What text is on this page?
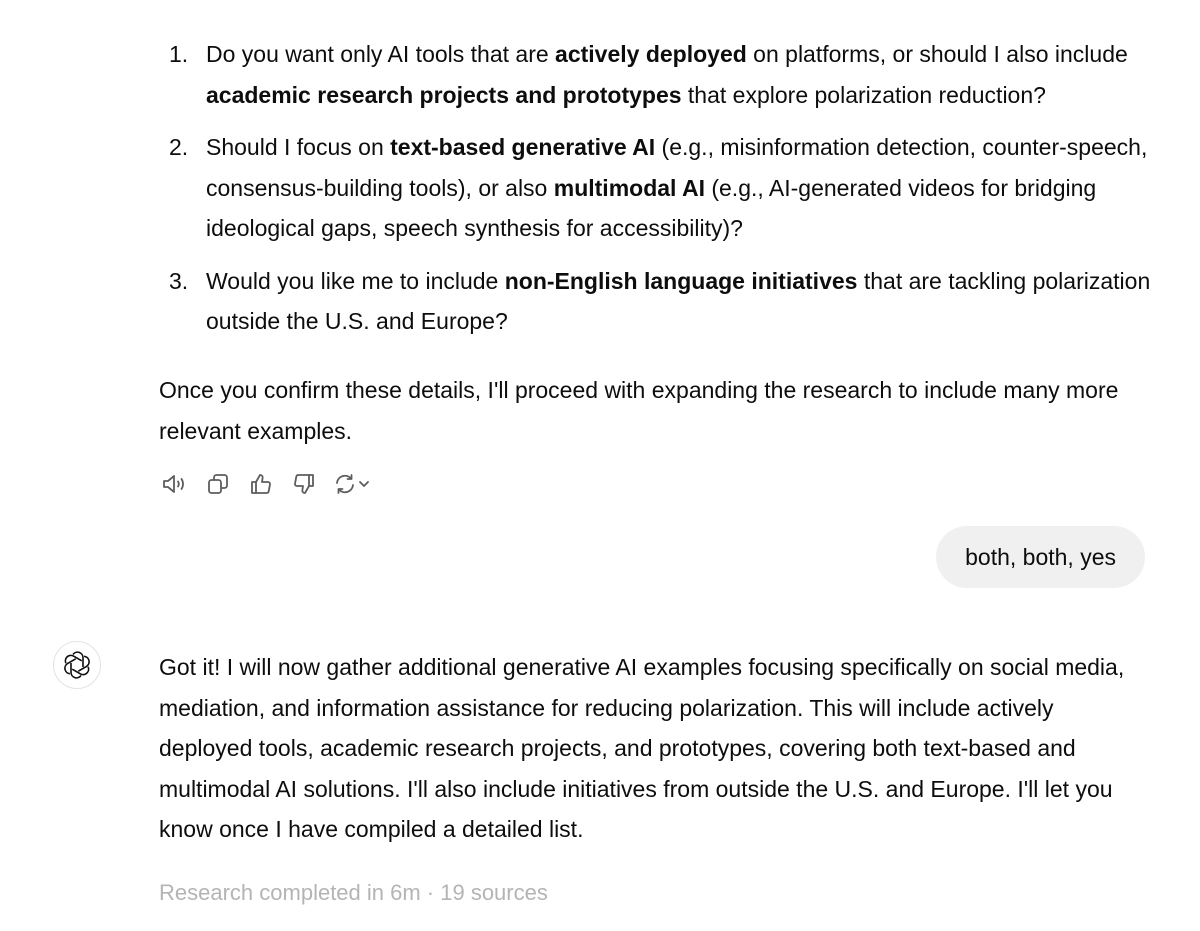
1. Do you want only AI tools that are actively deployed on platforms, or should I also include academic research projects and prototypes that explore polarization reduction?
2. Should I focus on text-based generative AI (e.g., misinformation detection, counter-speech, consensus-building tools), or also multimodal AI (e.g., AI-generated videos for bridging ideological gaps, speech synthesis for accessibility)?
3. Would you like me to include non-English language initiatives that are tackling polarization outside the U.S. and Europe?

Once you confirm these details, I'll proceed with expanding the research to include many more relevant examples.

both, both, yes

Got it! I will now gather additional generative AI examples focusing specifically on social media, mediation, and information assistance for reducing polarization. This will include actively deployed tools, academic research projects, and prototypes, covering both text-based and multimodal AI solutions. I'll also include initiatives from outside the U.S. and Europe. I'll let you know once I have compiled a detailed list.

Research completed in 6m · 19 sources
